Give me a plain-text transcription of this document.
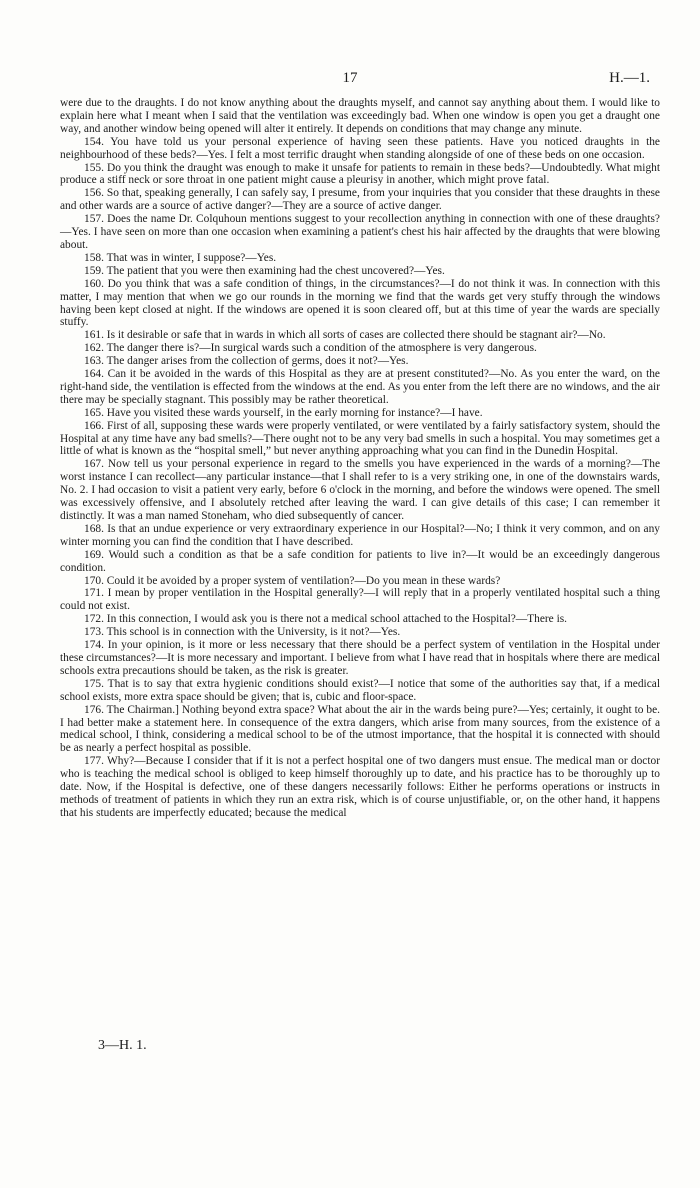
17	H.—1.

were due to the draughts. I do not know anything about the draughts myself, and cannot say anything about them. I would like to explain here what I meant when I said that the ventilation was exceedingly bad. When one window is open you get a draught one way, and another window being opened will alter it entirely. It depends on conditions that may change any minute.

154. You have told us your personal experience of having seen these patients. Have you noticed draughts in the neighbourhood of these beds?—Yes. I felt a most terrific draught when standing alongside of one of these beds on one occasion.

155. Do you think the draught was enough to make it unsafe for patients to remain in these beds?—Undoubtedly. What might produce a stiff neck or sore throat in one patient might cause a pleurisy in another, which might prove fatal.

156. So that, speaking generally, I can safely say, I presume, from your inquiries that you consider that these draughts in these and other wards are a source of active danger?—They are a source of active danger.

157. Does the name Dr. Colquhoun mentions suggest to your recollection anything in connection with one of these draughts?—Yes. I have seen on more than one occasion when examining a patient's chest his hair affected by the draughts that were blowing about.

158. That was in winter, I suppose?—Yes.

159. The patient that you were then examining had the chest uncovered?—Yes.

160. Do you think that was a safe condition of things, in the circumstances?—I do not think it was. In connection with this matter, I may mention that when we go our rounds in the morning we find that the wards get very stuffy through the windows having been kept closed at night. If the windows are opened it is soon cleared off, but at this time of year the wards are specially stuffy.

161. Is it desirable or safe that in wards in which all sorts of cases are collected there should be stagnant air?—No.

162. The danger there is?—In surgical wards such a condition of the atmosphere is very dangerous.

163. The danger arises from the collection of germs, does it not?—Yes.

164. Can it be avoided in the wards of this Hospital as they are at present constituted?—No. As you enter the ward, on the right-hand side, the ventilation is effected from the windows at the end. As you enter from the left there are no windows, and the air there may be specially stagnant. This possibly may be rather theoretical.

165. Have you visited these wards yourself, in the early morning for instance?—I have.

166. First of all, supposing these wards were properly ventilated, or were ventilated by a fairly satisfactory system, should the Hospital at any time have any bad smells?—There ought not to be any very bad smells in such a hospital. You may sometimes get a little of what is known as the “hospital smell,” but never anything approaching what you can find in the Dunedin Hospital.

167. Now tell us your personal experience in regard to the smells you have experienced in the wards of a morning?—The worst instance I can recollect—any particular instance—that I shall refer to is a very striking one, in one of the downstairs wards, No. 2. I had occasion to visit a patient very early, before 6 o'clock in the morning, and before the windows were opened. The smell was excessively offensive, and I absolutely retched after leaving the ward. I can give details of this case; I can remember it distinctly. It was a man named Stoneham, who died subsequently of cancer.

168. Is that an undue experience or very extraordinary experience in our Hospital?—No; I think it very common, and on any winter morning you can find the condition that I have described.

169. Would such a condition as that be a safe condition for patients to live in?—It would be an exceedingly dangerous condition.

170. Could it be avoided by a proper system of ventilation?—Do you mean in these wards?

171. I mean by proper ventilation in the Hospital generally?—I will reply that in a properly ventilated hospital such a thing could not exist.

172. In this connection, I would ask you is there not a medical school attached to the Hospital?—There is.

173. This school is in connection with the University, is it not?—Yes.

174. In your opinion, is it more or less necessary that there should be a perfect system of ventilation in the Hospital under these circumstances?—It is more necessary and important. I believe from what I have read that in hospitals where there are medical schools extra precautions should be taken, as the risk is greater.

175. That is to say that extra hygienic conditions should exist?—I notice that some of the authorities say that, if a medical school exists, more extra space should be given; that is, cubic and floor-space.

176. The Chairman.] Nothing beyond extra space? What about the air in the wards being pure?—Yes; certainly, it ought to be. I had better make a statement here. In consequence of the extra dangers, which arise from many sources, from the existence of a medical school, I think, considering a medical school to be of the utmost importance, that the hospital it is connected with should be as nearly a perfect hospital as possible.

177. Why?—Because I consider that if it is not a perfect hospital one of two dangers must ensue. The medical man or doctor who is teaching the medical school is obliged to keep himself thoroughly up to date, and his practice has to be thoroughly up to date. Now, if the Hospital is defective, one of these dangers necessarily follows: Either he performs operations or instructs in methods of treatment of patients in which they run an extra risk, which is of course unjustifiable, or, on the other hand, it happens that his students are imperfectly educated; because the medical

3—H. 1.
